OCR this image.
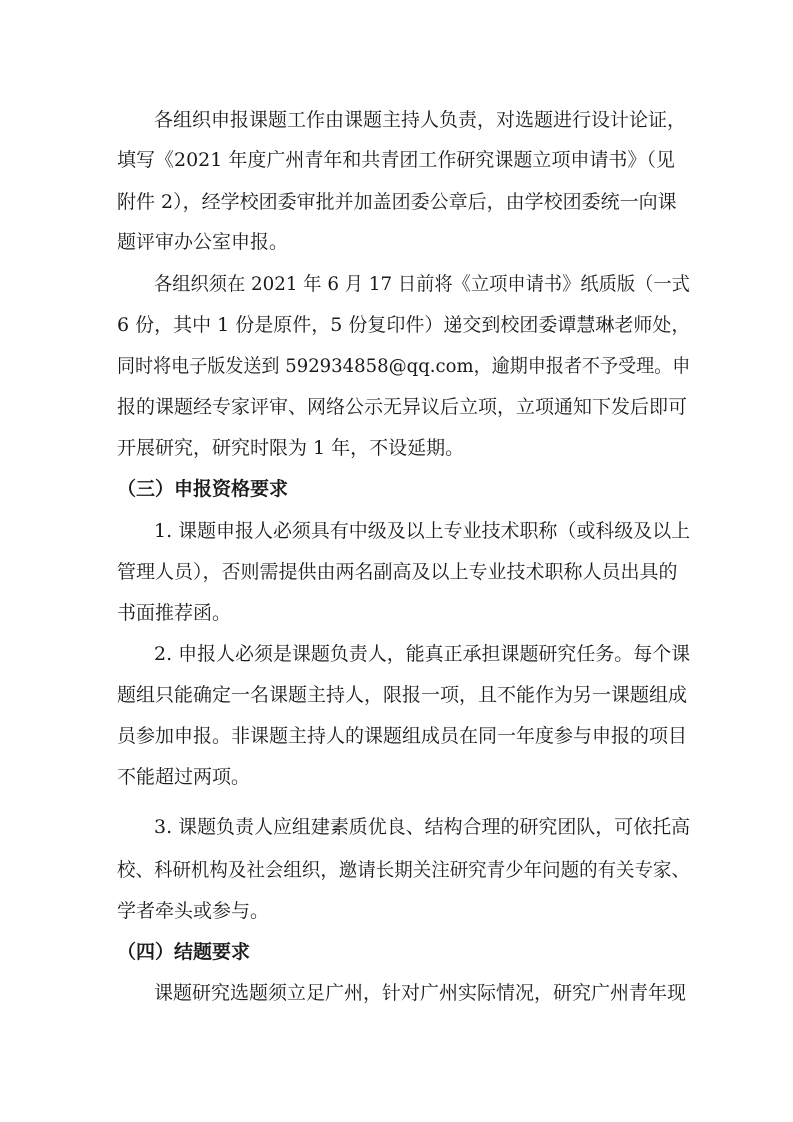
各组织申报课题工作由课题主持人负责，对选题进行设计论证，
填写《2021 年度广州青年和共青团工作研究课题立项申请书》（见
附件 2），经学校团委审批并加盖团委公章后，由学校团委统一向课
题评审办公室申报。
各组织须在 2021 年 6 月 17 日前将《立项申请书》纸质版（一式
6 份，其中 1 份是原件，5 份复印件）递交到校团委谭慧琳老师处，
同时将电子版发送到 592934858@qq.com，逾期申报者不予受理。申
报的课题经专家评审、网络公示无异议后立项，立项通知下发后即可
开展研究，研究时限为 1 年，不设延期。
（三）申报资格要求
1. 课题申报人必须具有中级及以上专业技术职称（或科级及以上
管理人员），否则需提供由两名副高及以上专业技术职称人员出具的
书面推荐函。
2. 申报人必须是课题负责人，能真正承担课题研究任务。每个课
题组只能确定一名课题主持人，限报一项，且不能作为另一课题组成
员参加申报。非课题主持人的课题组成员在同一年度参与申报的项目
不能超过两项。
3. 课题负责人应组建素质优良、结构合理的研究团队，可依托高
校、科研机构及社会组织，邀请长期关注研究青少年问题的有关专家、
学者牵头或参与。
（四）结题要求
课题研究选题须立足广州，针对广州实际情况，研究广州青年现
